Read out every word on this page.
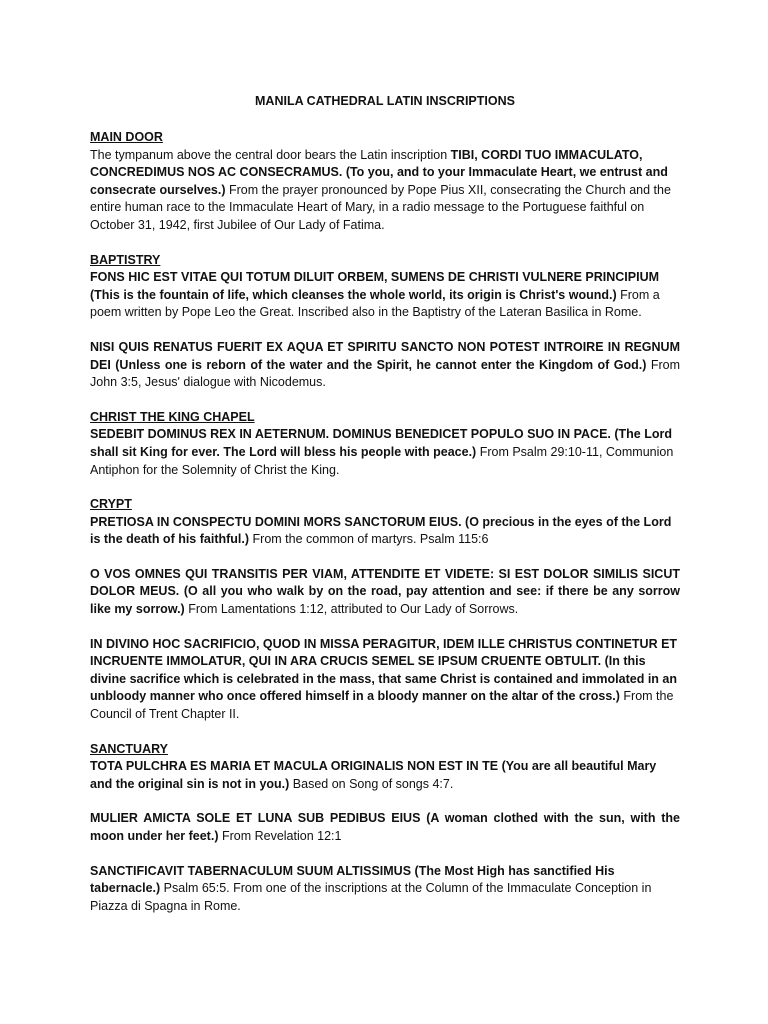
MANILA CATHEDRAL LATIN INSCRIPTIONS
MAIN DOOR
The tympanum above the central door bears the Latin inscription TIBI, CORDI TUO IMMACULATO, CONCREDIMUS NOS AC CONSECRAMUS. (To you, and to your Immaculate Heart, we entrust and consecrate ourselves.) From the prayer pronounced by Pope Pius XII, consecrating the Church and the entire human race to the Immaculate Heart of Mary, in a radio message to the Portuguese faithful on October 31, 1942, first Jubilee of Our Lady of Fatima.
BAPTISTRY
FONS HIC EST VITAE QUI TOTUM DILUIT ORBEM, SUMENS DE CHRISTI VULNERE PRINCIPIUM (This is the fountain of life, which cleanses the whole world, its origin is Christ's wound.) From a poem written by Pope Leo the Great. Inscribed also in the Baptistry of the Lateran Basilica in Rome.
NISI QUIS RENATUS FUERIT EX AQUA ET SPIRITU SANCTO NON POTEST INTROIRE IN REGNUM DEI (Unless one is reborn of the water and the Spirit, he cannot enter the Kingdom of God.) From John 3:5, Jesus' dialogue with Nicodemus.
CHRIST THE KING CHAPEL
SEDEBIT DOMINUS REX IN AETERNUM. DOMINUS BENEDICET POPULO SUO IN PACE. (The Lord shall sit King for ever. The Lord will bless his people with peace.) From Psalm 29:10-11, Communion Antiphon for the Solemnity of Christ the King.
CRYPT
PRETIOSA IN CONSPECTU DOMINI MORS SANCTORUM EIUS. (O precious in the eyes of the Lord is the death of his faithful.) From the common of martyrs. Psalm 115:6
O VOS OMNES QUI TRANSITIS PER VIAM, ATTENDITE ET VIDETE: SI EST DOLOR SIMILIS SICUT DOLOR MEUS. (O all you who walk by on the road, pay attention and see: if there be any sorrow like my sorrow.) From Lamentations 1:12, attributed to Our Lady of Sorrows.
IN DIVINO HOC SACRIFICIO, QUOD IN MISSA PERAGITUR, IDEM ILLE CHRISTUS CONTINETUR ET INCRUENTE IMMOLATUR, QUI IN ARA CRUCIS SEMEL SE IPSUM CRUENTE OBTULIT. (In this divine sacrifice which is celebrated in the mass, that same Christ is contained and immolated in an unbloody manner who once offered himself in a bloody manner on the altar of the cross.) From the Council of Trent Chapter II.
SANCTUARY
TOTA PULCHRA ES MARIA ET MACULA ORIGINALIS NON EST IN TE (You are all beautiful Mary and the original sin is not in you.) Based on Song of songs 4:7.
MULIER AMICTA SOLE ET LUNA SUB PEDIBUS EIUS (A woman clothed with the sun, with the moon under her feet.) From Revelation 12:1
SANCTIFICAVIT TABERNACULUM SUUM ALTISSIMUS (The Most High has sanctified His tabernacle.) Psalm 65:5. From one of the inscriptions at the Column of the Immaculate Conception in Piazza di Spagna in Rome.
